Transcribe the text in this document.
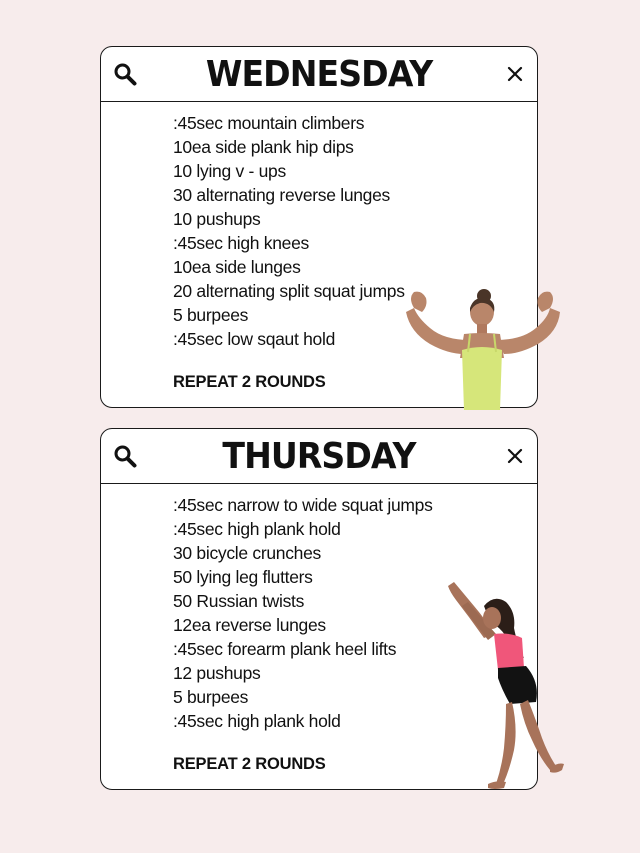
WEDNESDAY
:45sec mountain climbers
10ea side plank hip dips
10 lying v - ups
30 alternating reverse lunges
10 pushups
:45sec high knees
10ea side lunges
20 alternating split squat jumps
5 burpees
:45sec low sqaut hold
REPEAT 2 ROUNDS
THURSDAY
:45sec narrow to wide squat jumps
:45sec high plank hold
30 bicycle crunches
50 lying leg flutters
50 Russian twists
12ea reverse lunges
:45sec forearm plank heel lifts
12 pushups
5 burpees
:45sec high plank hold
REPEAT 2 ROUNDS
